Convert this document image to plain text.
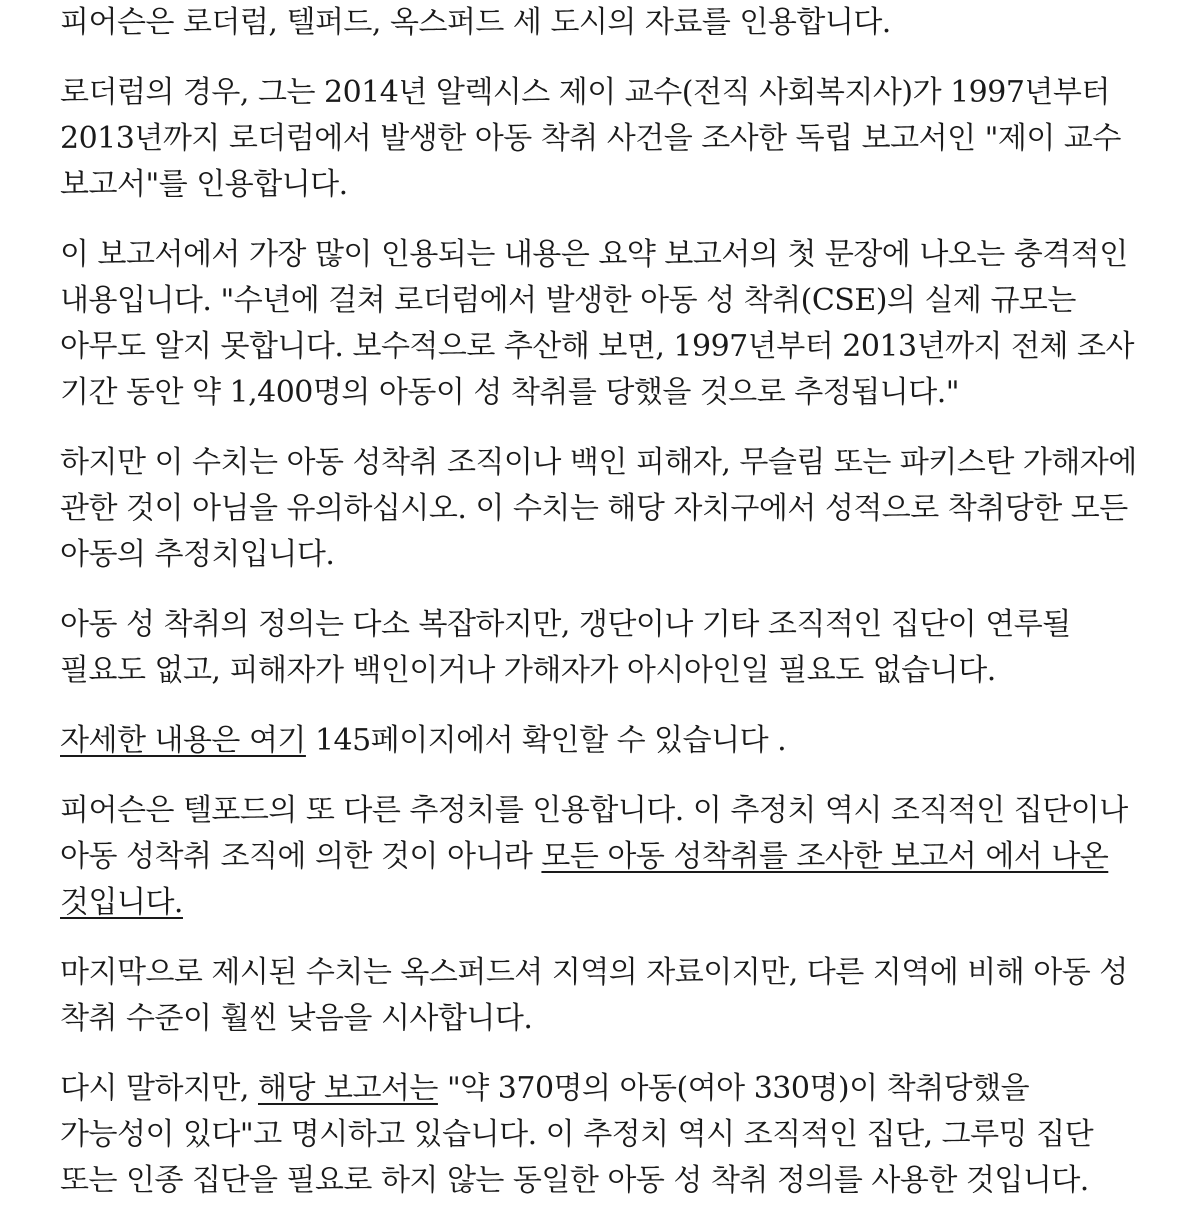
피어슨은 로더럼, 텔퍼드, 옥스퍼드 세 도시의 자료를 인용합니다.

로더럼의 경우, 그는 2014년 알렉시스 제이 교수(전직 사회복지사)가 1997년부터 2013년까지 로더럼에서 발생한 아동 착취 사건을 조사한 독립 보고서인 "제이 교수 보고서"를 인용합니다.

이 보고서에서 가장 많이 인용되는 내용은 요약 보고서의 첫 문장에 나오는 충격적인 내용입니다. "수년에 걸쳐 로더럼에서 발생한 아동 성 착취(CSE)의 실제 규모는 아무도 알지 못합니다. 보수적으로 추산해 보면, 1997년부터 2013년까지 전체 조사 기간 동안 약 1,400명의 아동이 성 착취를 당했을 것으로 추정됩니다."

하지만 이 수치는 아동 성착취 조직이나 백인 피해자, 무슬림 또는 파키스탄 가해자에 관한 것이 아님을 유의하십시오. 이 수치는 해당 자치구에서 성적으로 착취당한 모든 아동의 추정치입니다.

아동 성 착취의 정의는 다소 복잡하지만, 갱단이나 기타 조직적인 집단이 연루될 필요도 없고, 피해자가 백인이거나 가해자가 아시아인일 필요도 없습니다.

자세한 내용은 여기 145페이지에서 확인할 수 있습니다 .

피어슨은 텔포드의 또 다른 추정치를 인용합니다. 이 추정치 역시 조직적인 집단이나 아동 성착취 조직에 의한 것이 아니라 모든 아동 성착취를 조사한 보고서 에서 나온 것입니다.

마지막으로 제시된 수치는 옥스퍼드셔 지역의 자료이지만, 다른 지역에 비해 아동 성 착취 수준이 훨씬 낮음을 시사합니다.

다시 말하지만, 해당 보고서는 "약 370명의 아동(여아 330명)이 착취당했을 가능성이 있다"고 명시하고 있습니다. 이 추정치 역시 조직적인 집단, 그루밍 집단 또는 인종 집단을 필요로 하지 않는 동일한 아동 성 착취 정의를 사용한 것입니다.
